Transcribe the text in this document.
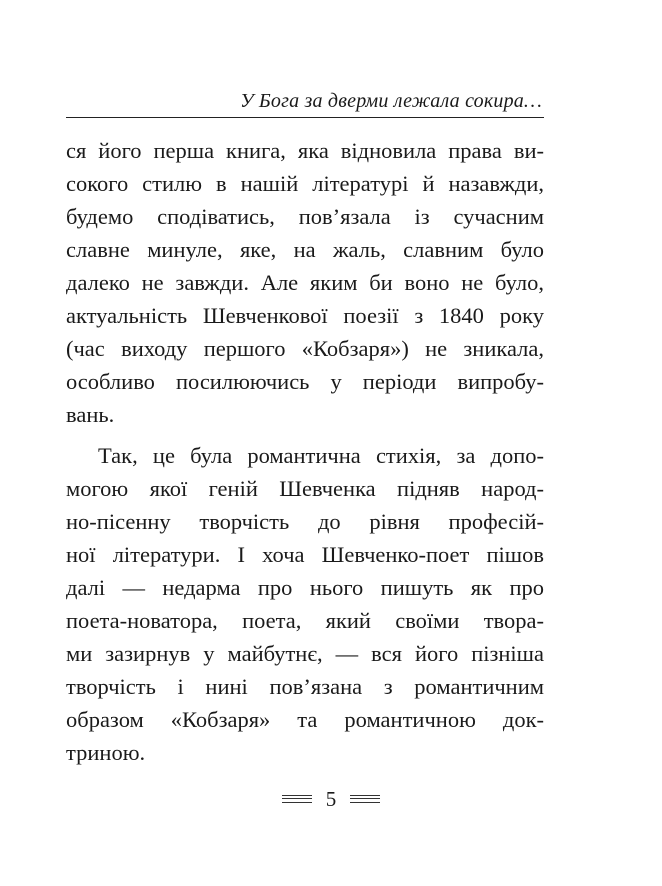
У Бога за дверми лежала сокира…
ся його перша книга, яка відновила права ви-
сокого стилю в нашій літературі й назавжди,
будемо сподіватись, пов’язала із сучасним
славне минуле, яке, на жаль, славним було
далеко не завжди. Але яким би воно не було,
актуальність Шевченкової поезії з 1840 року
(час виходу першого «Кобзаря») не зникала,
особливо посилюючись у періоди випробу-
вань.
Так, це була романтична стихія, за допо-
могою якої геній Шевченка підняв народ-
но-пісенну творчість до рівня професій-
ної літератури. І хоча Шевченко-поет пішов
далі — недарма про нього пишуть як про
поета-новатора, поета, який своїми твора-
ми зазирнув у майбутнє, — вся його пізніша
творчість і нині пов’язана з романтичним
образом «Кобзаря» та романтичною док-
триною.
5
